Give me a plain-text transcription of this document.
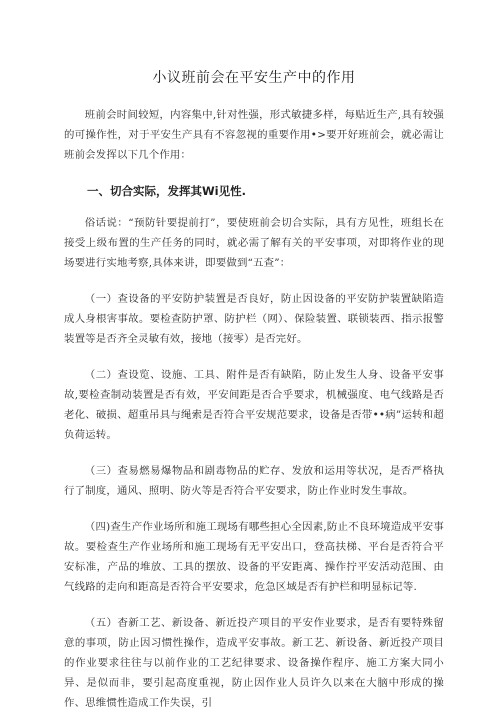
小议班前会在平安生产中的作用

班前会时间较短，内容集中,针对性强，形式敏捷多样，每贴近生产,具有较强的可操作性，对于平安生产具有不容忽视的重要作用•>要开好班前会，就必需让班前会发挥以下几个作用：

一、切合实际，发挥其Wi见性.

俗话说：“预防针要提前打”，要使班前会切合实际，具有方见性，班组长在接受上级布置的生产任务的同时，就必需了解有关的平安事项，对即将作业的现场要进行实地考察,具体来讲，即要做到“五查”：

（一）查设备的平安防护装置是否良好，防止因设备的平安防护装置缺陷造成人身根害事故。要检查防护罩、防护栏（网）、保险装置、联锁装西、指示报警装置等是否齐全灵敏有效，接地（接零）是否完好。

（二）查设览、设施、工具、附件是否有缺陷，防止发生人身、设备平安事故,要检查制动装置是否有效，平安间距是否合乎要求，机械强度、电气线路是否老化、破损、超重吊具与绳索是否符合平安规范要求，设备是否带••病”运转和超负荷运转。

（三）查易燃易爆物品和剧毒物品的贮存、发放和运用等状况，是否严格执行了制度，通风、照明、防火等是否符合平安要求，防止作业时发生事故。

（四)查生产作业场所和施工现场有哪些担心全因素,防止不良环境造成平安事故。要检查生产作业场所和施工现场有无平安出口，登高扶梯、平台是否符合平安标准，产品的堆放、工具的摆放、设备的平安距离、操作拧平安活动范围、由气线路的走向和距高是否符合平安要求，危急区域是否有护栏和明显标记等.

（五）杳新工艺、新设备、新近投产项目的平安作业要求，是否有要特殊留意的事项，防止因习惯性操作，造成平安事故。新工艺、新设备、新近投产项目的作业要求往往与以前作业的工艺纪律要求、设备操作程序、施工方案大同小异、是似而非，要引起高度重视，防止因作业人员许久以来在大脑中形成的操作、思维惯性造成工作失误，引
